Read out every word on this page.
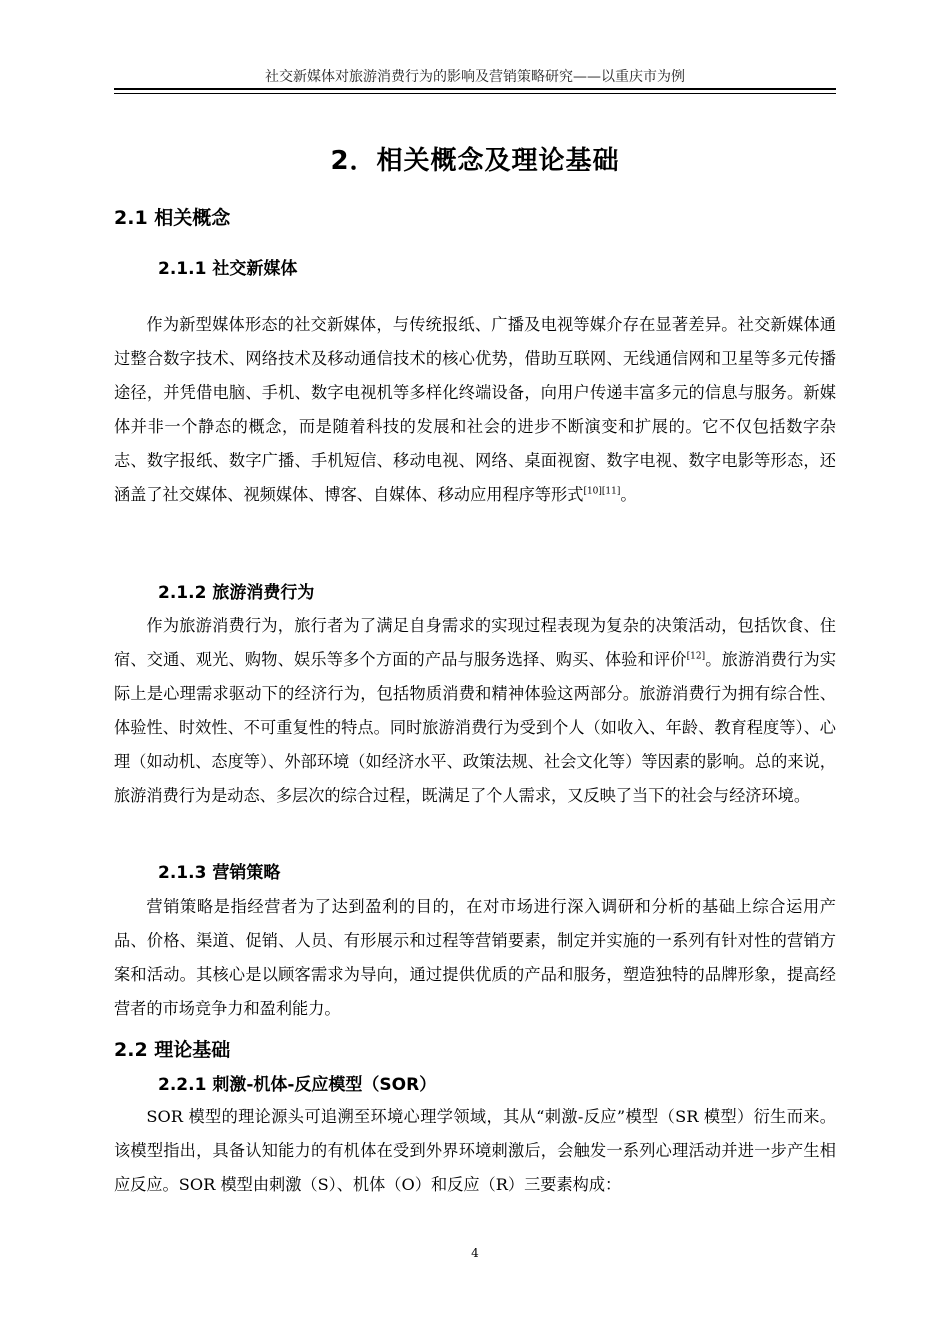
社交新媒体对旅游消费行为的影响及营销策略研究——以重庆市为例
2．相关概念及理论基础
2.1 相关概念
2.1.1 社交新媒体

作为新型媒体形态的社交新媒体，与传统报纸、广播及电视等媒介存在显著差异。社交新媒体通过整合数字技术、网络技术及移动通信技术的核心优势，借助互联网、无线通信网和卫星等多元传播途径，并凭借电脑、手机、数字电视机等多样化终端设备，向用户传递丰富多元的信息与服务。新媒体并非一个静态的概念，而是随着科技的发展和社会的进步不断演变和扩展的。它不仅包括数字杂志、数字报纸、数字广播、手机短信、移动电视、网络、桌面视窗、数字电视、数字电影等形态，还涵盖了社交媒体、视频媒体、博客、自媒体、移动应用程序等形式[10][11]。

2.1.2 旅游消费行为

作为旅游消费行为，旅行者为了满足自身需求的实现过程表现为复杂的决策活动，包括饮食、住宿、交通、观光、购物、娱乐等多个方面的产品与服务选择、购买、体验和评价[12]。旅游消费行为实际上是心理需求驱动下的经济行为，包括物质消费和精神体验这两部分。旅游消费行为拥有综合性、体验性、时效性、不可重复性的特点。同时旅游消费行为受到个人（如收入、年龄、教育程度等）、心理（如动机、态度等）、外部环境（如经济水平、政策法规、社会文化等）等因素的影响。总的来说，旅游消费行为是动态、多层次的综合过程，既满足了个人需求，又反映了当下的社会与经济环境。

2.1.3 营销策略

营销策略是指经营者为了达到盈利的目的，在对市场进行深入调研和分析的基础上综合运用产品、价格、渠道、促销、人员、有形展示和过程等营销要素，制定并实施的一系列有针对性的营销方案和活动。其核心是以顾客需求为导向，通过提供优质的产品和服务，塑造独特的品牌形象，提高经营者的市场竞争力和盈利能力。

2.2 理论基础
2.2.1 刺激-机体-反应模型（SOR）

SOR 模型的理论源头可追溯至环境心理学领域，其从“刺激-反应”模型（SR 模型）衍生而来。该模型指出，具备认知能力的有机体在受到外界环境刺激后，会触发一系列心理活动并进一步产生相应反应。SOR 模型由刺激（S）、机体（O）和反应（R）三要素构成：

4
